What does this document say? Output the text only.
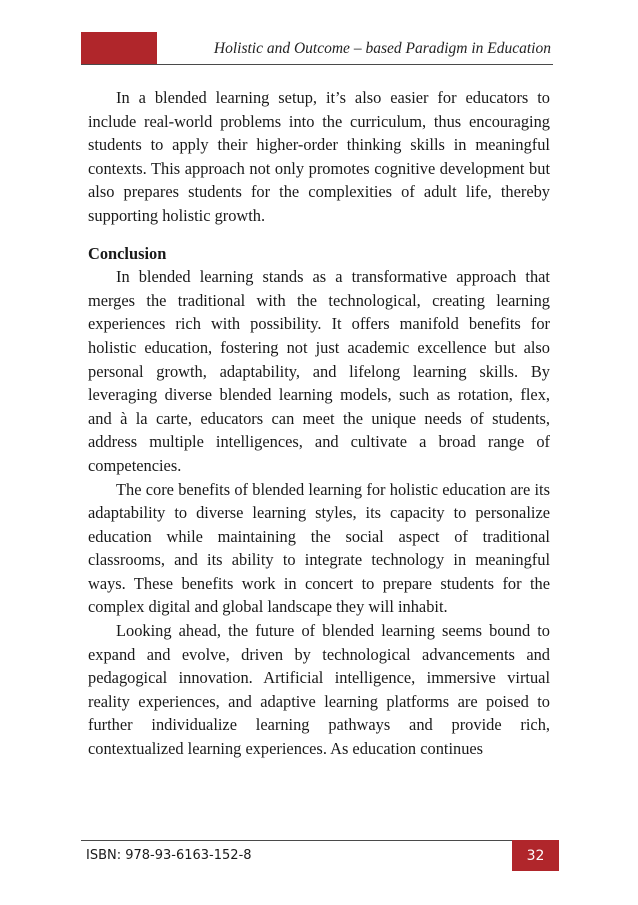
Holistic and Outcome – based Paradigm in Education

In a blended learning setup, it’s also easier for educators to include real-world problems into the curriculum, thus encouraging students to apply their higher-order thinking skills in meaningful contexts. This approach not only promotes cognitive development but also prepares students for the complexities of adult life, thereby supporting holistic growth.

Conclusion

In blended learning stands as a transformative approach that merges the traditional with the technological, creating learning experiences rich with possibility. It offers manifold benefits for holistic education, fostering not just academic excellence but also personal growth, adaptability, and lifelong learning skills. By leveraging diverse blended learning models, such as rotation, flex, and à la carte, educators can meet the unique needs of students, address multiple intelligences, and cultivate a broad range of competencies.

The core benefits of blended learning for holistic education are its adaptability to diverse learning styles, its capacity to personalize education while maintaining the social aspect of traditional classrooms, and its ability to integrate technology in meaningful ways. These benefits work in concert to prepare students for the complex digital and global landscape they will inhabit.

Looking ahead, the future of blended learning seems bound to expand and evolve, driven by technological advancements and pedagogical innovation. Artificial intelligence, immersive virtual reality experiences, and adaptive learning platforms are poised to further individualize learning pathways and provide rich, contextualized learning experiences. As education continues

ISBN: 978-93-6163-152-8	32
